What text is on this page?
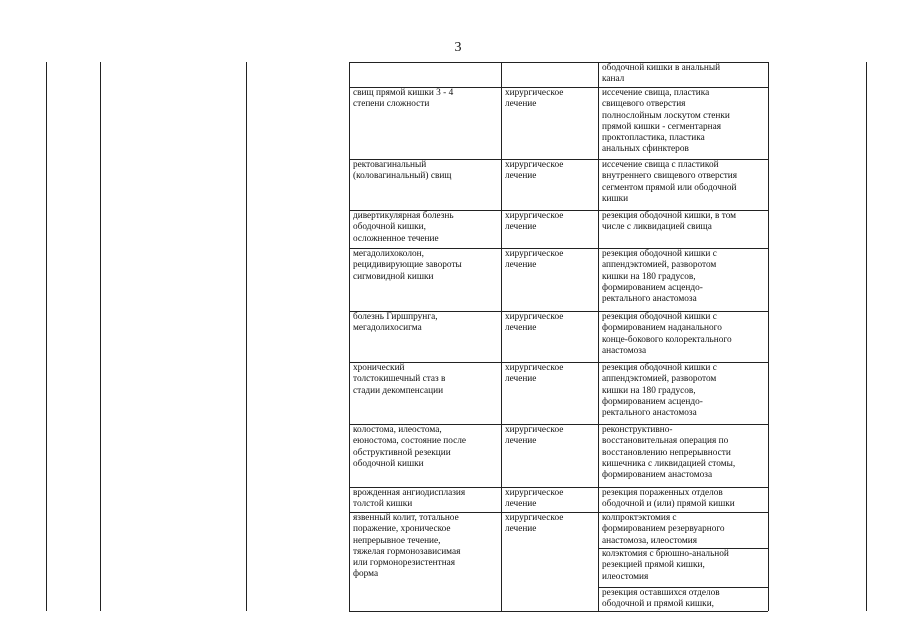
3
ободочной кишки в анальный
канал
свищ прямой кишки 3 - 4
степени сложности
хирургическое
лечение
иссечение свища, пластика
свищевого отверстия
полнослойным лоскутом стенки
прямой кишки - сегментарная
проктопластика, пластика
анальных сфинктеров
ректовагинальный
(коловагинальный) свищ
хирургическое
лечение
иссечение свища с пластикой
внутреннего свищевого отверстия
сегментом прямой или ободочной
кишки
дивертикулярная болезнь
ободочной кишки,
осложненное течение
хирургическое
лечение
резекция ободочной кишки, в том
числе с ликвидацией свища
мегадолихоколон,
рецидивирующие завороты
сигмовидной кишки
хирургическое
лечение
резекция ободочной кишки с
аппендэктомией, разворотом
кишки на 180 градусов,
формированием асцендо-
ректального анастомоза
болезнь Гиршпрунга,
мегадолихосигма
хирургическое
лечение
резекция ободочной кишки с
формированием наданального
конце-бокового колоректального
анастомоза
хронический
толстокишечный стаз в
стадии декомпенсации
хирургическое
лечение
резекция ободочной кишки с
аппендэктомией, разворотом
кишки на 180 градусов,
формированием асцендо-
ректального анастомоза
колостома, илеостома,
еюностома, состояние после
обструктивной резекции
ободочной кишки
хирургическое
лечение
реконструктивно-
восстановительная операция по
восстановлению непрерывности
кишечника с ликвидацией стомы,
формированием анастомоза
врожденная ангиодисплазия
толстой кишки
хирургическое
лечение
резекция пораженных отделов
ободочной и (или) прямой кишки
язвенный колит, тотальное
поражение, хроническое
непрерывное течение,
тяжелая гормонозависимая
или гормонорезистентная
форма
хирургическое
лечение
колпроктэктомия с
формированием резервуарного
анастомоза, илеостомия
колэктомия с брюшно-анальной
резекцией прямой кишки,
илеостомия
резекция оставшихся отделов
ободочной и прямой кишки,
